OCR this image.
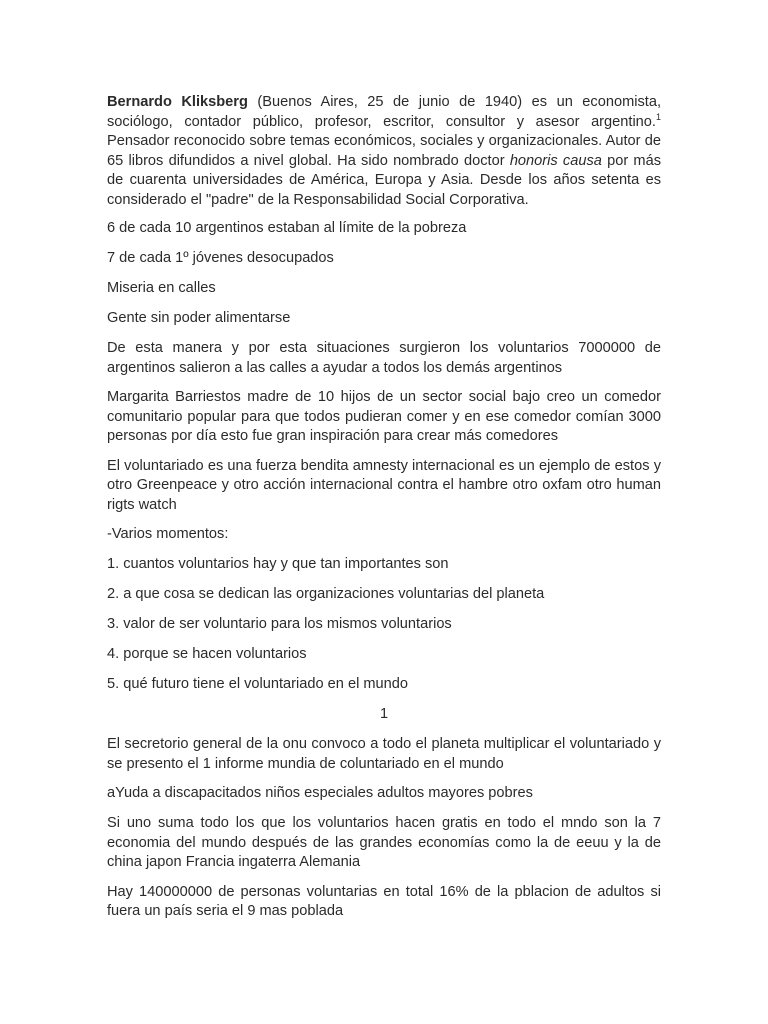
Bernardo Kliksberg (Buenos Aires, 25 de junio de 1940) es un economista, sociólogo, contador público, profesor, escritor, consultor y asesor argentino.$^1$ Pensador reconocido sobre temas económicos, sociales y organizacionales. Autor de 65 libros difundidos a nivel global. Ha sido nombrado doctor honoris causa por más de cuarenta universidades de América, Europa y Asia. Desde los años setenta es considerado el "padre" de la Responsabilidad Social Corporativa.

6 de cada 10 argentinos estaban al límite de la pobreza

7 de cada 1º jóvenes desocupados

Miseria en calles

Gente sin poder alimentarse

De esta manera y por esta situaciones surgieron los voluntarios 7000000 de argentinos salieron a las calles a ayudar a todos los demás argentinos

Margarita Barriestos madre de 10 hijos de un sector social bajo creo un comedor comunitario popular para que todos pudieran comer y en ese comedor comían 3000 personas por día esto fue gran inspiración para crear más comedores

El voluntariado es una fuerza bendita amnesty internacional es un ejemplo de estos y otro Greenpeace y otro acción internacional contra el hambre otro oxfam otro human rigts watch

-Varios momentos:

1. cuantos voluntarios hay y que tan importantes son

2. a que cosa se dedican las organizaciones voluntarias del planeta

3. valor de ser voluntario para los mismos voluntarios

4. porque se hacen voluntarios

5. qué futuro tiene el voluntariado en el mundo

1

El secretorio general de la onu convoco a todo el planeta multiplicar el voluntariado y se presento el 1 informe mundia de coluntariado en el mundo

aYuda a discapacitados niños especiales adultos mayores pobres

Si uno suma todo los que los voluntarios hacen gratis en todo el mndo son la 7 economia del mundo después de las grandes economías como la de eeuu y la de china japon Francia ingaterra Alemania

Hay 140000000 de personas voluntarias en total 16% de la pblacion de adultos si fuera un país seria el 9 mas poblada
